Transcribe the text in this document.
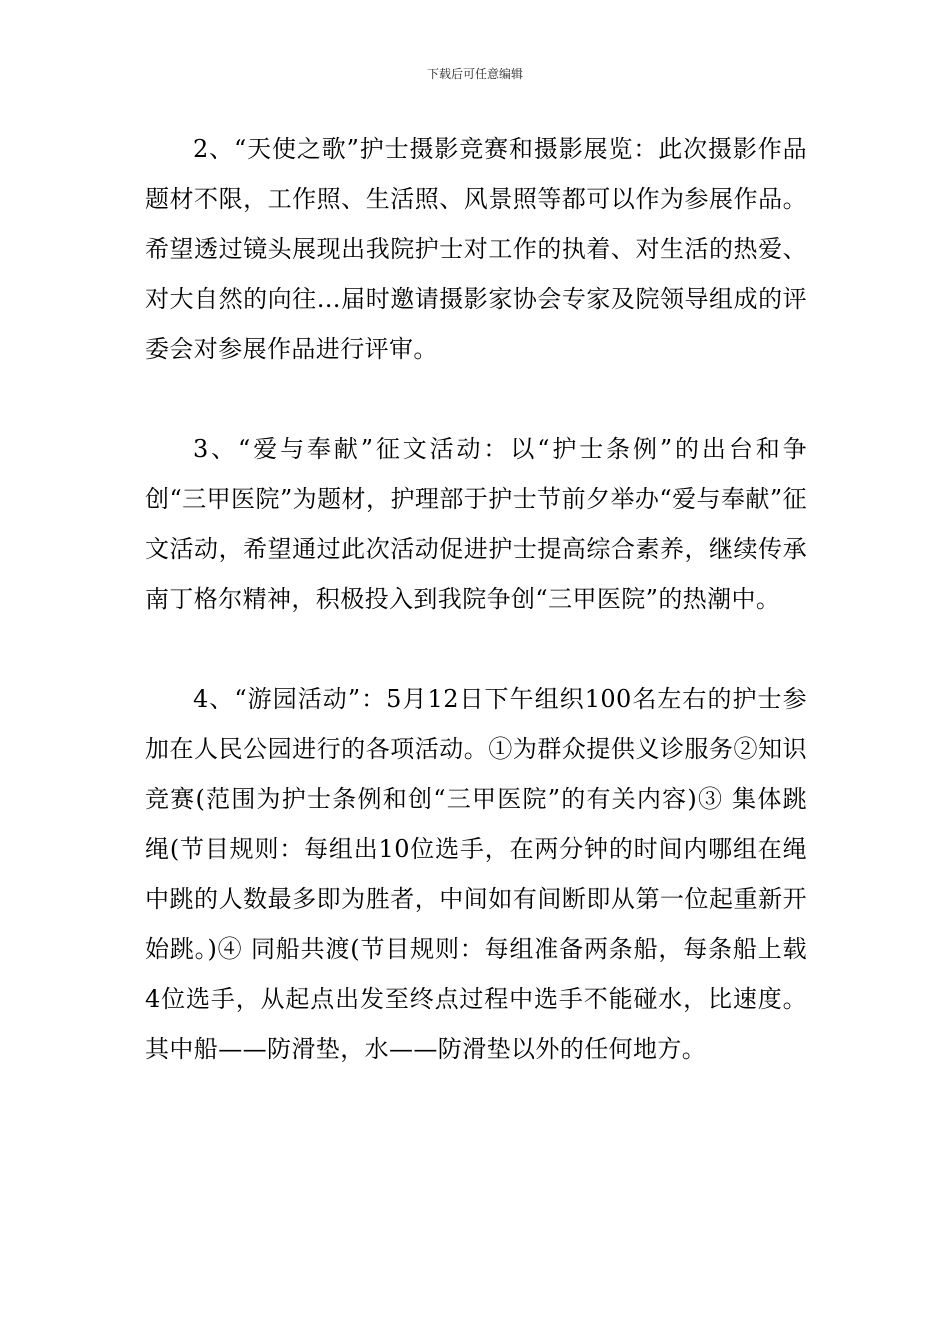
下载后可任意编辑

2、“天使之歌”护士摄影竞赛和摄影展览：此次摄影作品题材不限，工作照、生活照、风景照等都可以作为参展作品。希望透过镜头展现出我院护士对工作的执着、对生活的热爱、对大自然的向往…届时邀请摄影家协会专家及院领导组成的评委会对参展作品进行评审。

3、“爱与奉献”征文活动：以“护士条例”的出台和争创“三甲医院”为题材，护理部于护士节前夕举办“爱与奉献”征文活动，希望通过此次活动促进护士提高综合素养，继续传承南丁格尔精神，积极投入到我院争创“三甲医院”的热潮中。

4、“游园活动”：5月12日下午组织100名左右的护士参加在人民公园进行的各项活动。①为群众提供义诊服务②知识竞赛(范围为护士条例和创“三甲医院”的有关内容)③ 集体跳绳(节目规则：每组出10位选手，在两分钟的时间内哪组在绳中跳的人数最多即为胜者，中间如有间断即从第一位起重新开始跳。)④ 同船共渡(节目规则：每组准备两条船，每条船上载4位选手，从起点出发至终点过程中选手不能碰水，比速度。其中船——防滑垫，水——防滑垫以外的任何地方。
